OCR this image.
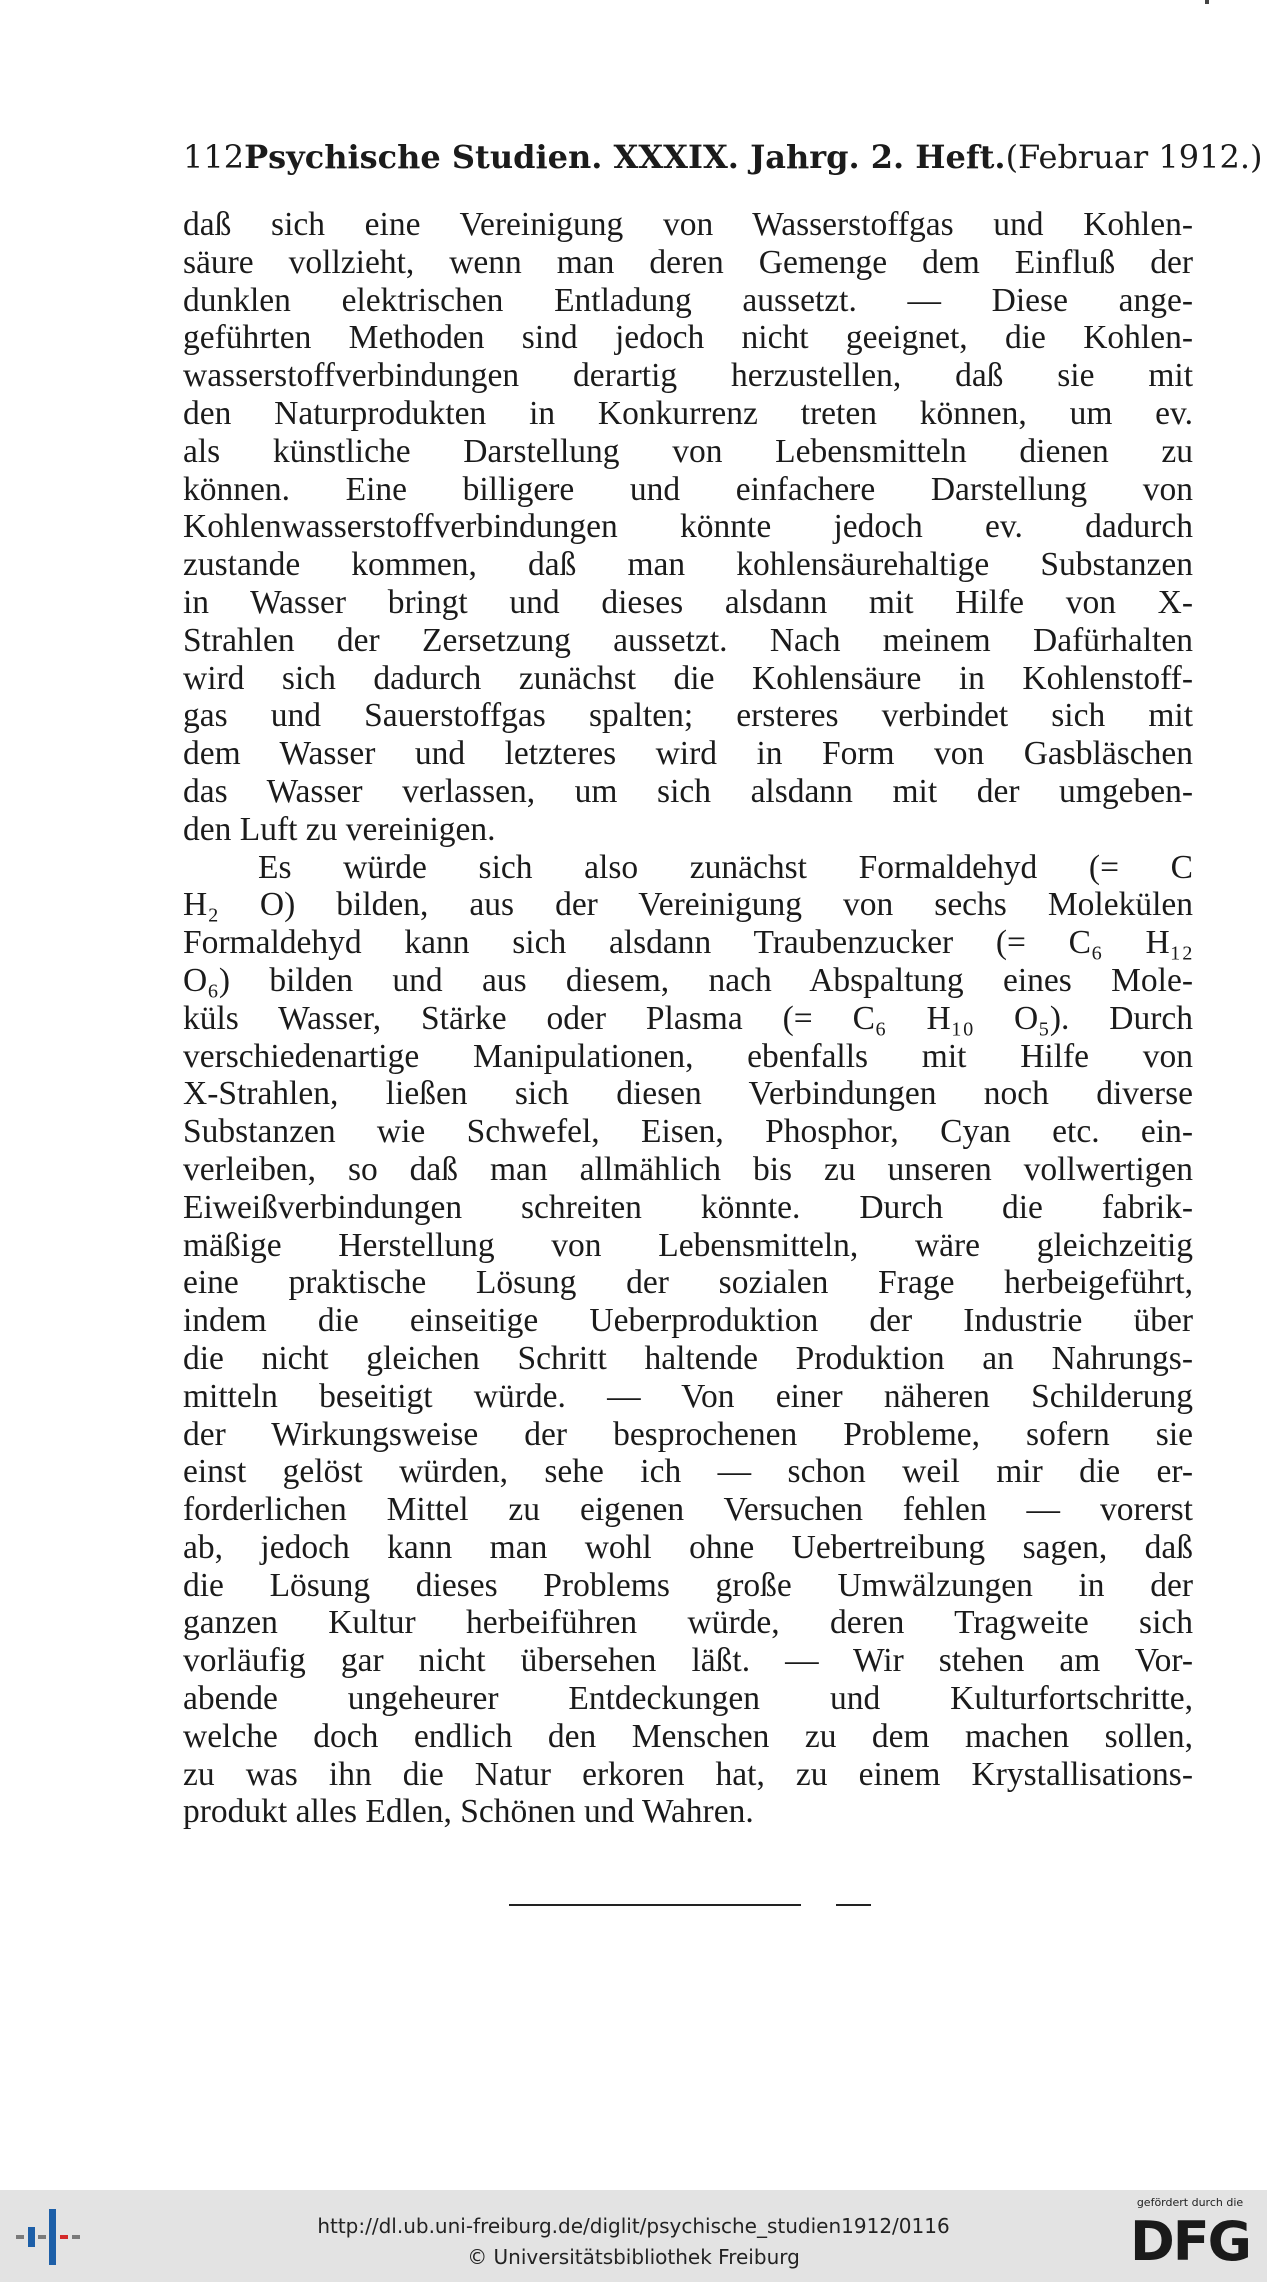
112 Psychische Studien. XXXIX. Jahrg. 2. Heft. (Februar 1912.)
daß sich eine Vereinigung von Wasserstoffgas und Kohlen-
säure vollzieht, wenn man deren Gemenge dem Einfluß der
dunklen elektrischen Entladung aussetzt. — Diese ange-
geführten Methoden sind jedoch nicht geeignet, die Kohlen-
wasserstoffverbindungen derartig herzustellen, daß sie mit
den Naturprodukten in Konkurrenz treten können, um ev.
als künstliche Darstellung von Lebensmitteln dienen zu
können. Eine billigere und einfachere Darstellung von
Kohlenwasserstoffverbindungen könnte jedoch ev. dadurch
zustande kommen, daß man kohlensäurehaltige Substanzen
in Wasser bringt und dieses alsdann mit Hilfe von X-
Strahlen der Zersetzung aussetzt. Nach meinem Dafürhalten
wird sich dadurch zunächst die Kohlensäure in Kohlenstoff-
gas und Sauerstoffgas spalten; ersteres verbindet sich mit
dem Wasser und letzteres wird in Form von Gasbläschen
das Wasser verlassen, um sich alsdann mit der umgeben-
den Luft zu vereinigen.
Es würde sich also zunächst Formaldehyd (= C
H₂ O) bilden, aus der Vereinigung von sechs Molekülen
Formaldehyd kann sich alsdann Traubenzucker (= C₆ H₁₂
O₆) bilden und aus diesem, nach Abspaltung eines Mole-
küls Wasser, Stärke oder Plasma (= C₆ H₁₀ O₅). Durch
verschiedenartige Manipulationen, ebenfalls mit Hilfe von
X-Strahlen, ließen sich diesen Verbindungen noch diverse
Substanzen wie Schwefel, Eisen, Phosphor, Cyan etc. ein-
verleiben, so daß man allmählich bis zu unseren vollwertigen
Eiweißverbindungen schreiten könnte. Durch die fabrik-
mäßige Herstellung von Lebensmitteln, wäre gleichzeitig
eine praktische Lösung der sozialen Frage herbeigeführt,
indem die einseitige Ueberproduktion der Industrie über
die nicht gleichen Schritt haltende Produktion an Nahrungs-
mitteln beseitigt würde. — Von einer näheren Schilderung
der Wirkungsweise der besprochenen Probleme, sofern sie
einst gelöst würden, sehe ich — schon weil mir die er-
forderlichen Mittel zu eigenen Versuchen fehlen — vorerst
ab, jedoch kann man wohl ohne Uebertreibung sagen, daß
die Lösung dieses Problems große Umwälzungen in der
ganzen Kultur herbeiführen würde, deren Tragweite sich
vorläufig gar nicht übersehen läßt. — Wir stehen am Vor-
abende ungeheurer Entdeckungen und Kulturfortschritte,
welche doch endlich den Menschen zu dem machen sollen,
zu was ihn die Natur erkoren hat, zu einem Krystallisations-
produkt alles Edlen, Schönen und Wahren.
http://dl.ub.uni-freiburg.de/diglit/psychische_studien1912/0116
© Universitätsbibliothek Freiburg
gefördert durch die
DFG
